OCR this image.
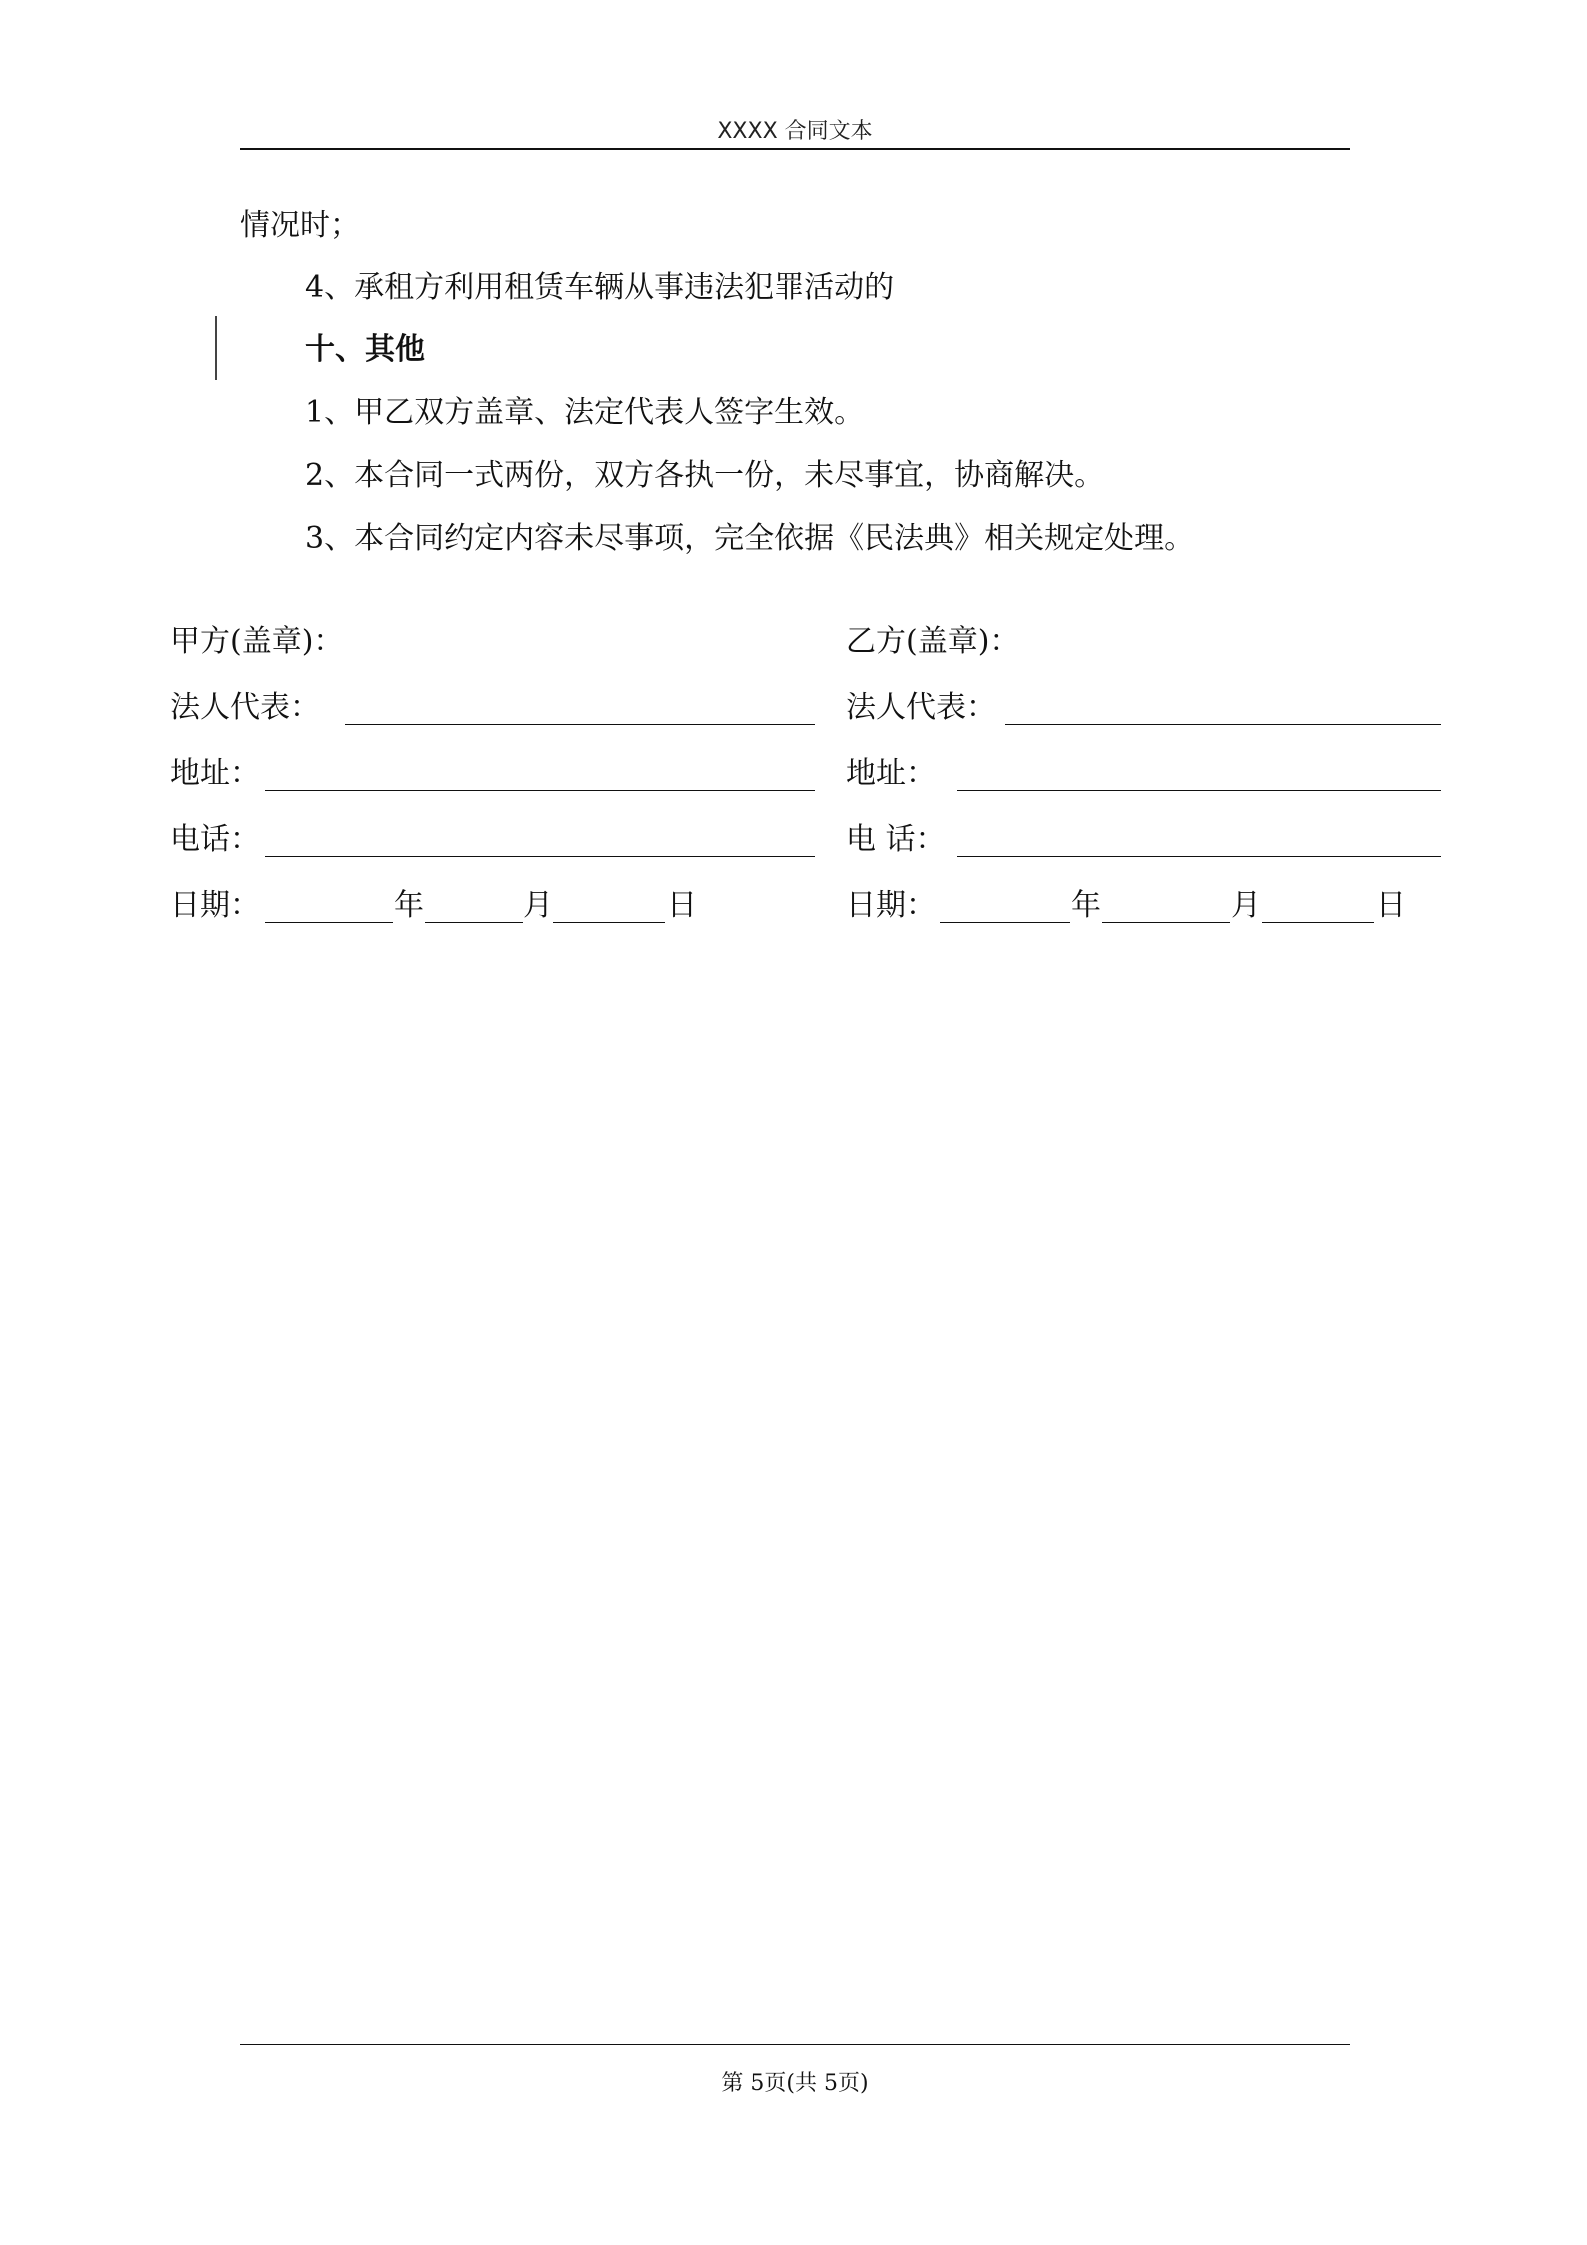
XXXX 合同文本
情况时；
4、承租方利用租赁车辆从事违法犯罪活动的
十、其他
1、甲乙双方盖章、法定代表人签字生效。
2、本合同一式两份，双方各执一份，未尽事宜，协商解决。
3、本合同约定内容未尽事项，完全依据《民法典》相关规定处理。
甲方(盖章)：
法人代表：
地址：
电话：
日期：	年	月	日
乙方(盖章)：
法人代表：
地址：
电 话：
日期：	年	月	日
第 5页(共 5页)
